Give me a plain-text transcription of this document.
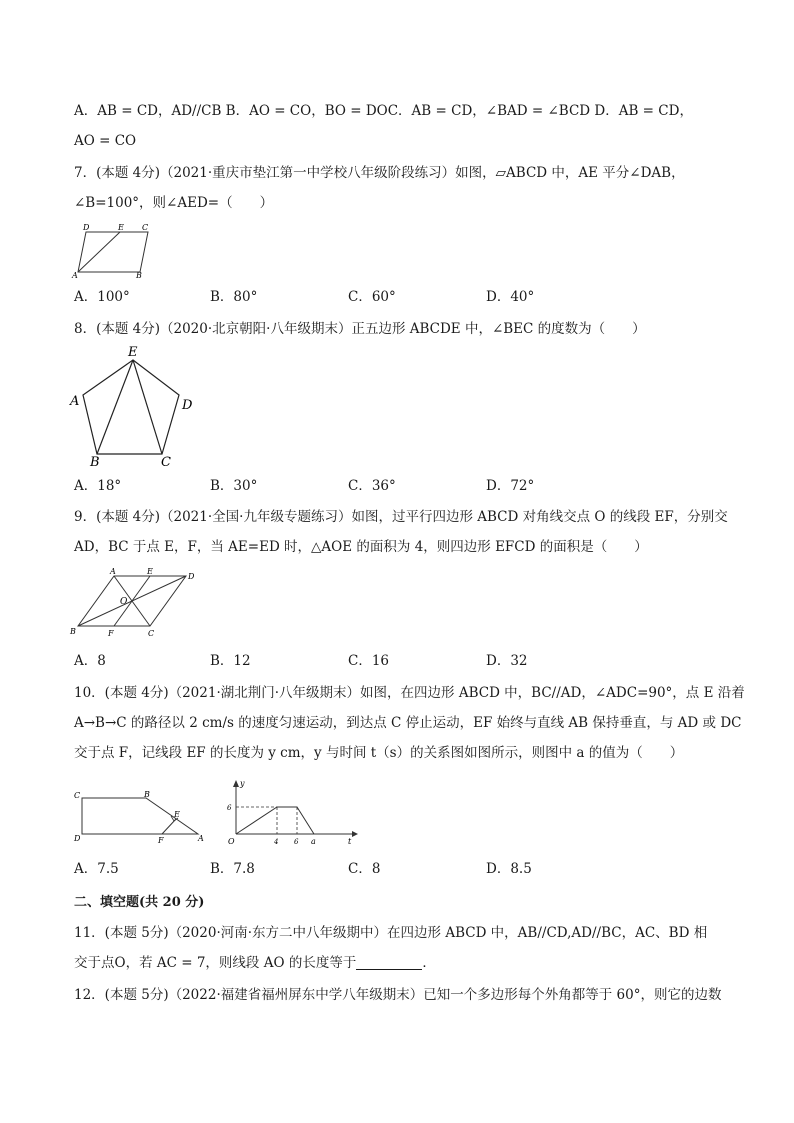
A．AB = CD，AD//CB B．AO = CO，BO = DOC．AB = CD，∠BAD = ∠BCD D．AB = CD，
AO = CO
7．(本题 4分)（2021·重庆市垫江第一中学校八年级阶段练习）如图，▱ABCD 中，AE 平分∠DAB，
∠B=100°，则∠AED=（　　）
D	E C
A	B
A．100°	B．80°	C．60°	D．40°
8．(本题 4分)（2020·北京朝阳·八年级期末）正五边形 ABCDE 中，∠BEC 的度数为（　　）
E
A	D
B	C
A．18°	B．30°	C．36°	D．72°
9．(本题 4分)（2021·全国·九年级专题练习）如图，过平行四边形 ABCD 对角线交点 O 的线段 EF，分别交
AD，BC 于点 E，F，当 AE=ED 时，△AOE 的面积为 4，则四边形 EFCD 的面积是（　　）
A	E
D
O
B	F	C
A．8	B．12	C．16	D．32
10．(本题 4分)（2021·湖北荆门·八年级期末）如图，在四边形 ABCD 中，BC//AD，∠ADC=90°，点 E 沿着
A→B→C 的路径以 2 cm/s 的速度匀速运动，到达点 C 停止运动，EF 始终与直线 AB 保持垂直，与 AD 或 DC
交于点 F，记线段 EF 的长度为 y cm，y 与时间 t（s）的关系图如图所示，则图中 a 的值为（　　）
C	B
D	F	A
E
y
6
O	4 6 a	t
A．7.5	B．7.8	C．8	D．8.5
二、填空题(共 20 分)
11．(本题 5分)（2020·河南·东方二中八年级期中）在四边形 ABCD 中，AB//CD,AD//BC，AC、BD 相
交于点O，若 AC = 7，则线段 AO 的长度等于	．
12．(本题 5分)（2022·福建省福州屏东中学八年级期末）已知一个多边形每个外角都等于 60°，则它的边数
